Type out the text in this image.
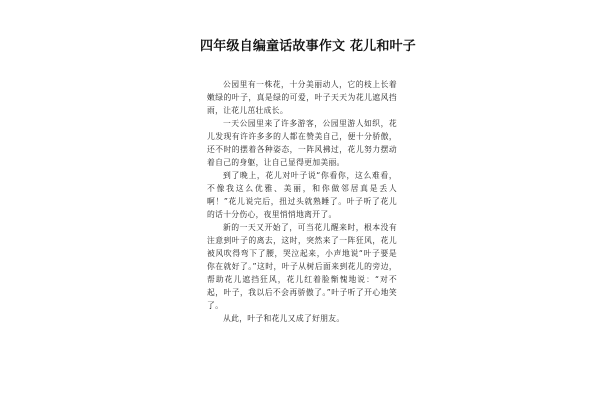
四年级自编童话故事作文 花儿和叶子

公园里有一株花，十分美丽动人，它的枝上长着嫩绿的叶子，真是绿的可爱，叶子天天为花儿遮风挡雨，让花儿茁壮成长。

一天公园里来了许多游客，公园里游人如织，花儿发现有许许多多的人都在赞美自己，便十分骄傲，还不时的摆着各种姿态，一阵风拂过，花儿努力摆动着自己的身躯，让自己显得更加美丽。

到了晚上，花儿对叶子说“你看你，这么难看，不像我这么优雅、美丽，和你做邻居真是丢人啊！”花儿说完后，扭过头就熟睡了。叶子听了花儿的话十分伤心，夜里悄悄地离开了。

新的一天又开始了，可当花儿醒来时，根本没有注意到叶子的离去，这时，突然来了一阵狂风，花儿被风吹得弯下了腰，哭泣起来，小声地说“叶子要是你在就好了。”这时，叶子从树后面来到花儿的旁边，帮助花儿遮挡狂风，花儿红着脸惭愧地说：“对不起，叶子，我以后不会再骄傲了。”叶子听了开心地笑了。

从此，叶子和花儿又成了好朋友。
